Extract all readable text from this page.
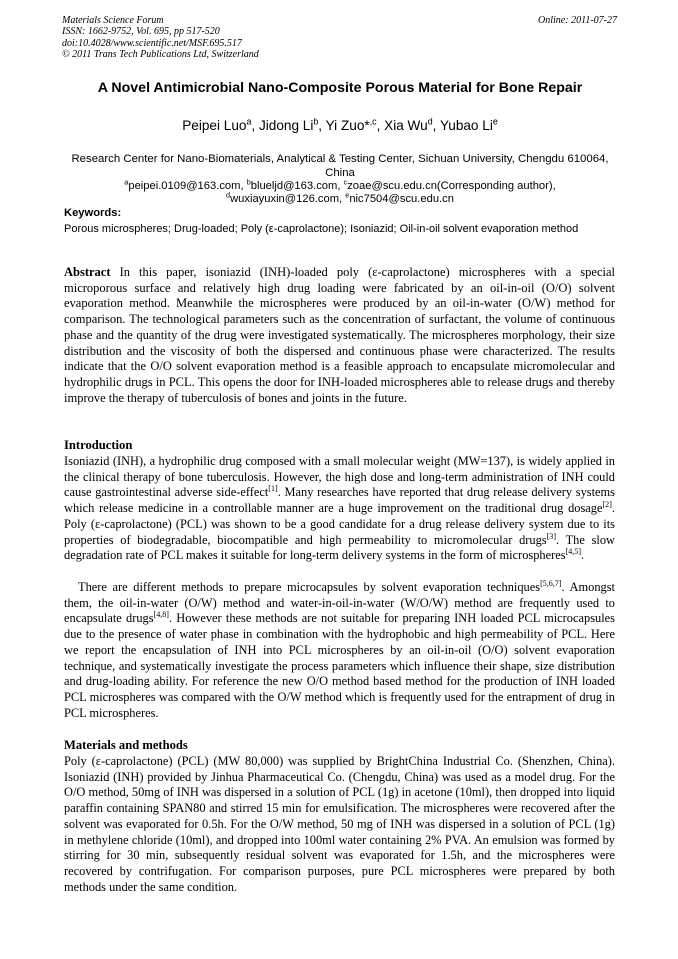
Materials Science Forum
ISSN: 1662-9752, Vol. 695, pp 517-520
doi:10.4028/www.scientific.net/MSF.695.517
© 2011 Trans Tech Publications Ltd, Switzerland
Online: 2011-07-27
A Novel Antimicrobial Nano-Composite Porous Material for Bone Repair
Peipei Luo$^a$, Jidong Li$^b$, Yi Zuo*$^{,c}$, Xia Wu$^d$, Yubao Li$^e$
Research Center for Nano-Biomaterials, Analytical & Testing Center, Sichuan University, Chengdu 610064, China
$^a$peipei.0109@163.com, $^b$blueljd@163.com, $^c$zoae@scu.edu.cn(Corresponding author),
$^d$wuxiayuxin@126.com, $^e$nic7504@scu.edu.cn
Keywords:
Porous microspheres; Drug-loaded; Poly (ε-caprolactone); Isoniazid; Oil-in-oil solvent evaporation method

Abstract In this paper, isoniazid (INH)-loaded poly (ε-caprolactone) microspheres with a special microporous surface and relatively high drug loading were fabricated by an oil-in-oil (O/O) solvent evaporation method. Meanwhile the microspheres were produced by an oil-in-water (O/W) method for comparison. The technological parameters such as the concentration of surfactant, the volume of continuous phase and the quantity of the drug were investigated systematically. The microspheres morphology, their size distribution and the viscosity of both the dispersed and continuous phase were characterized. The results indicate that the O/O solvent evaporation method is a feasible approach to encapsulate micromolecular and hydrophilic drugs in PCL. This opens the door for INH-loaded microspheres able to release drugs and thereby improve the therapy of tuberculosis of bones and joints in the future.

Introduction

Isoniazid (INH), a hydrophilic drug composed with a small molecular weight (MW=137), is widely applied in the clinical therapy of bone tuberculosis. However, the high dose and long-term administration of INH could cause gastrointestinal adverse side-effect[1]. Many researches have reported that drug release delivery systems which release medicine in a controllable manner are a huge improvement on the traditional drug dosage[2]. Poly (ε-caprolactone) (PCL) was shown to be a good candidate for a drug release delivery system due to its properties of biodegradable, biocompatible and high permeability to micromolecular drugs[3]. The slow degradation rate of PCL makes it suitable for long-term delivery systems in the form of microspheres[4,5].

There are different methods to prepare microcapsules by solvent evaporation techniques[5,6,7]. Amongst them, the oil-in-water (O/W) method and water-in-oil-in-water (W/O/W) method are frequently used to encapsulate drugs[4,8]. However these methods are not suitable for preparing INH loaded PCL microcapsules due to the presence of water phase in combination with the hydrophobic and high permeability of PCL. Here we report the encapsulation of INH into PCL microspheres by an oil-in-oil (O/O) solvent evaporation technique, and systematically investigate the process parameters which influence their shape, size distribution and drug-loading ability. For reference the new O/O method based method for the production of INH loaded PCL microspheres was compared with the O/W method which is frequently used for the entrapment of drug in PCL microspheres.

Materials and methods

Poly (ε-caprolactone) (PCL) (MW 80,000) was supplied by BrightChina Industrial Co. (Shenzhen, China). Isoniazid (INH) provided by Jinhua Pharmaceutical Co. (Chengdu, China) was used as a model drug. For the O/O method, 50mg of INH was dispersed in a solution of PCL (1g) in acetone (10ml), then dropped into liquid paraffin containing SPAN80 and stirred 15 min for emulsification. The microspheres were recovered after the solvent was evaporated for 0.5h. For the O/W method, 50 mg of INH was dispersed in a solution of PCL (1g) in methylene chloride (10ml), and dropped into 100ml water containing 2% PVA. An emulsion was formed by stirring for 30 min, subsequently residual solvent was evaporated for 1.5h, and the microspheres were recovered by contrifugation. For comparison purposes, pure PCL microspheres were prepared by both methods under the same condition.
